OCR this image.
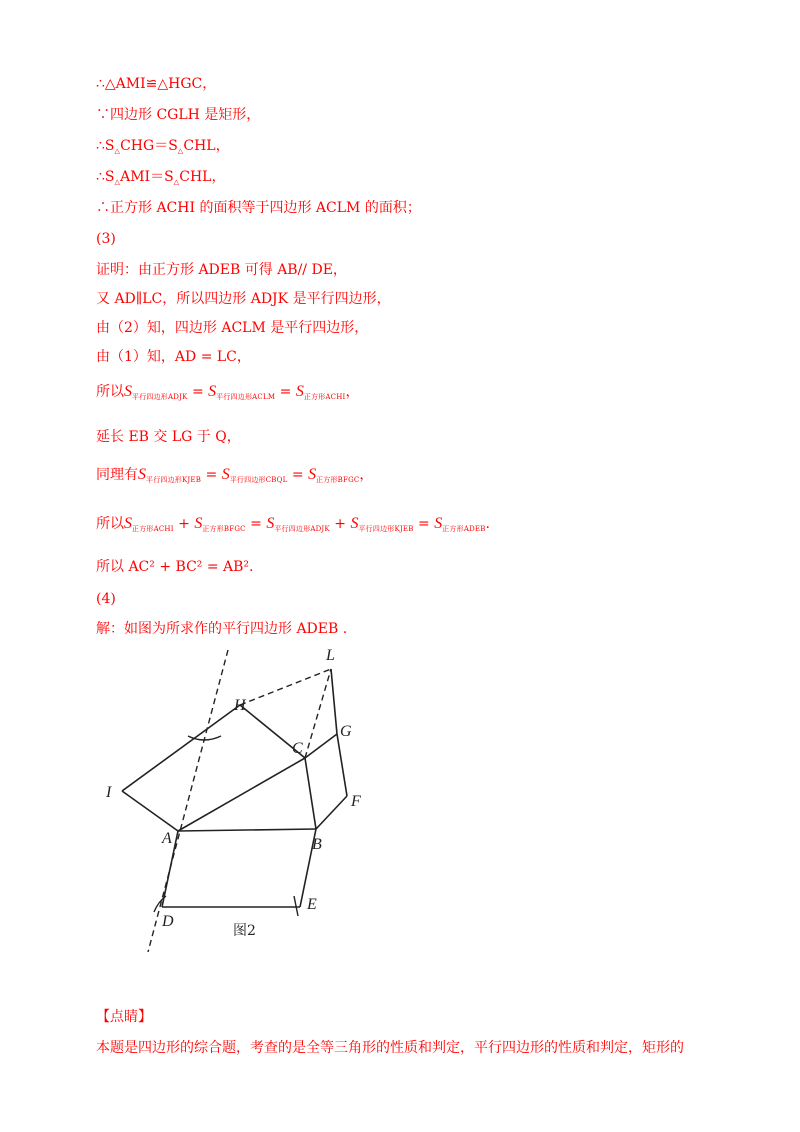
∴△AMI≌△HGC，
∵四边形 CGLH 是矩形，
$\therefore S_\triangle CHG=S_\triangle CHL$，
$\therefore S_\triangle AMI=S_\triangle CHL$，
∴正方形 ACHI 的面积等于四边形 ACLM 的面积；
(3)
证明：由正方形 ADEB 可得 AB// DE，
又 AD∥LC，所以四边形 ADJK 是平行四边形，
由（2）知，四边形 ACLM 是平行四边形，
由（1）知，AD = LC，
所以$S_{平行四边形ADJK} = S_{平行四边形ACLM} = S_{正方形ACHI}$，
延长 EB 交 LG 于 Q，
同理有$S_{平行四边形KJEB} = S_{平行四边形CBQL} = S_{正方形BFGC}$，
所以$S_{正方形ACHI} + S_{正方形BFGC} = S_{平行四边形ADJK} + S_{平行四边形KJEB} = S_{正方形ADEB}$.
所以 AC² + BC² = AB².
(4)
解：如图为所求作的平行四边形 ADEB .
L
H
C
G
I
F
A	B
D
E
图2
【点睛】
本题是四边形的综合题，考查的是全等三角形的性质和判定，平行四边形的性质和判定，矩形的
